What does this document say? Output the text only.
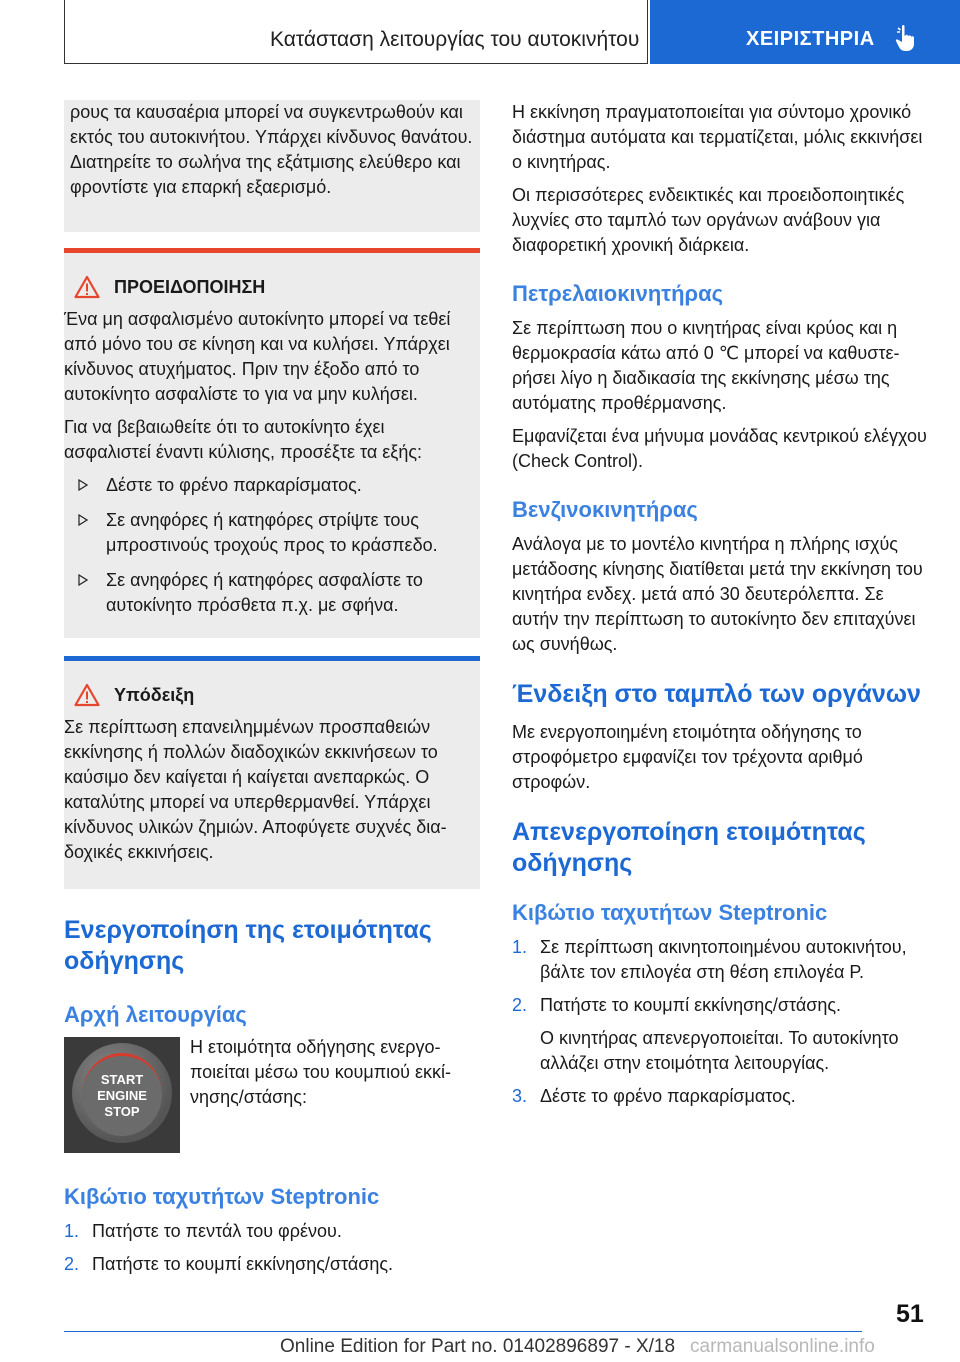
Κατάσταση λειτουργίας του αυτοκινήτου	ΧΕΙΡΙΣΤΗΡΙΑ

ρους τα καυσαέρια μπορεί να συγκεντρωθούν και εκτός του αυτοκινήτου. Υπάρχει κίνδυνος θανάτου. Διατηρείτε το σωλήνα της εξάτμισης ελεύθερο και φροντίστε για επαρκή εξαερισμό.

ΠΡΟΕΙΔΟΠΟΙΗΣΗ

Ένα μη ασφαλισμένο αυτοκίνητο μπορεί να τεθεί από μόνο του σε κίνηση και να κυλήσει. Υπάρχει κίνδυνος ατυχήματος. Πριν την έξοδο από το αυτοκίνητο ασφαλίστε το για να μην κυλήσει.

Για να βεβαιωθείτε ότι το αυτοκίνητο έχει ασφαλιστεί έναντι κύλισης, προσέξτε τα εξής:

Δέστε το φρένο παρκαρίσματος.
Σε ανηφόρες ή κατηφόρες στρίψτε τους μπροστινούς τροχούς προς το κράσπεδο.
Σε ανηφόρες ή κατηφόρες ασφαλίστε το αυτοκίνητο πρόσθετα π.χ. με σφήνα.
Υπόδειξη

Σε περίπτωση επανειλημμένων προσπαθειών εκκίνησης ή πολλών διαδοχικών εκκινήσεων το καύσιμο δεν καίγεται ή καίγεται ανεπαρκώς. Ο καταλύτης μπορεί να υπερθερμανθεί. Υπάρχει κίνδυνος υλικών ζημιών. Αποφύγετε συχνές διαδοχικές εκκινήσεις.

Ενεργοποίηση της ετοιμότητας οδήγησης
Αρχή λειτουργίας
START
ENGINE
STOP

Η ετοιμότητα οδήγησης ενεργοποιείται μέσω του κουμπιού εκκίνησης/στάσης:

Κιβώτιο ταχυτήτων Steptronic
1. Πατήστε το πεντάλ του φρένου.
2. Πατήστε το κουμπί εκκίνησης/στάσης.

Η εκκίνηση πραγματοποιείται για σύντομο χρονικό διάστημα αυτόματα και τερματίζεται, μόλις εκκινήσει ο κινητήρας.

Οι περισσότερες ενδεικτικές και προειδοποιητικές λυχνίες στο ταμπλό των οργάνων ανάβουν για διαφορετική χρονική διάρκεια.

Πετρελαιοκινητήρας

Σε περίπτωση που ο κινητήρας είναι κρύος και η θερμοκρασία κάτω από 0 ℃ μπορεί να καθυστερήσει λίγο η διαδικασία της εκκίνησης μέσω της αυτόματης προθέρμανσης.

Εμφανίζεται ένα μήνυμα μονάδας κεντρικού ελέγχου (Check Control).

Βενζινοκινητήρας

Ανάλογα με το μοντέλο κινητήρα η πλήρης ισχύς μετάδοσης κίνησης διατίθεται μετά την εκκίνηση του κινητήρα ενδεχ. μετά από 30 δευτερόλεπτα. Σε αυτήν την περίπτωση το αυτοκίνητο δεν επιταχύνει ως συνήθως.

Ένδειξη στο ταμπλό των οργάνων

Με ενεργοποιημένη ετοιμότητα οδήγησης το στροφόμετρο εμφανίζει τον τρέχοντα αριθμό στροφών.

Απενεργοποίηση ετοιμότητας οδήγησης
Κιβώτιο ταχυτήτων Steptronic
1. Σε περίπτωση ακινητοποιημένου αυτοκινήτου, βάλτε τον επιλογέα στη θέση επιλογέα P.
2. Πατήστε το κουμπί εκκίνησης/στάσης.
Ο κινητήρας απενεργοποιείται. Το αυτοκίνητο αλλάζει στην ετοιμότητα λειτουργίας.
3. Δέστε το φρένο παρκαρίσματος.
51
Online Edition for Part no. 01402896897 - X/18 carmanualsonline.info
